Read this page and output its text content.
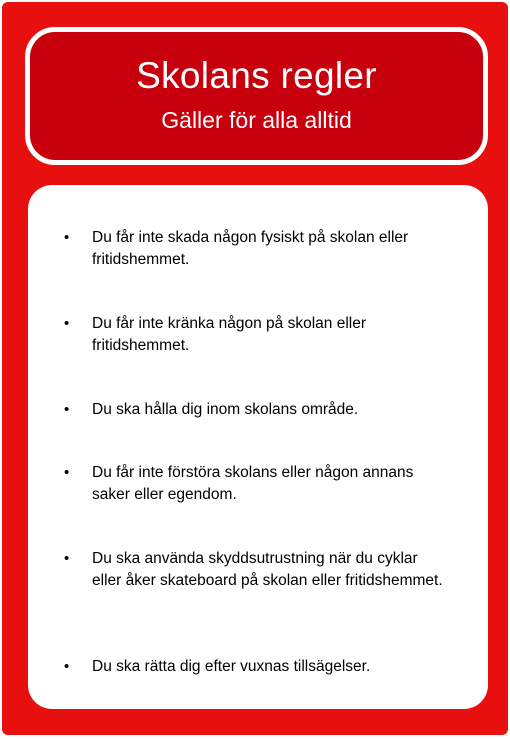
Skolans regler
Gäller för alla alltid
• Du får inte skada någon fysiskt på skolan eller fritidshemmet.
• Du får inte kränka någon på skolan eller fritidshemmet.
• Du ska hålla dig inom skolans område.
• Du får inte förstöra skolans eller någon annans saker eller egendom.
• Du ska använda skyddsutrustning när du cyklar eller åker skateboard på skolan eller fritidshemmet.
• Du ska rätta dig efter vuxnas tillsägelser.
